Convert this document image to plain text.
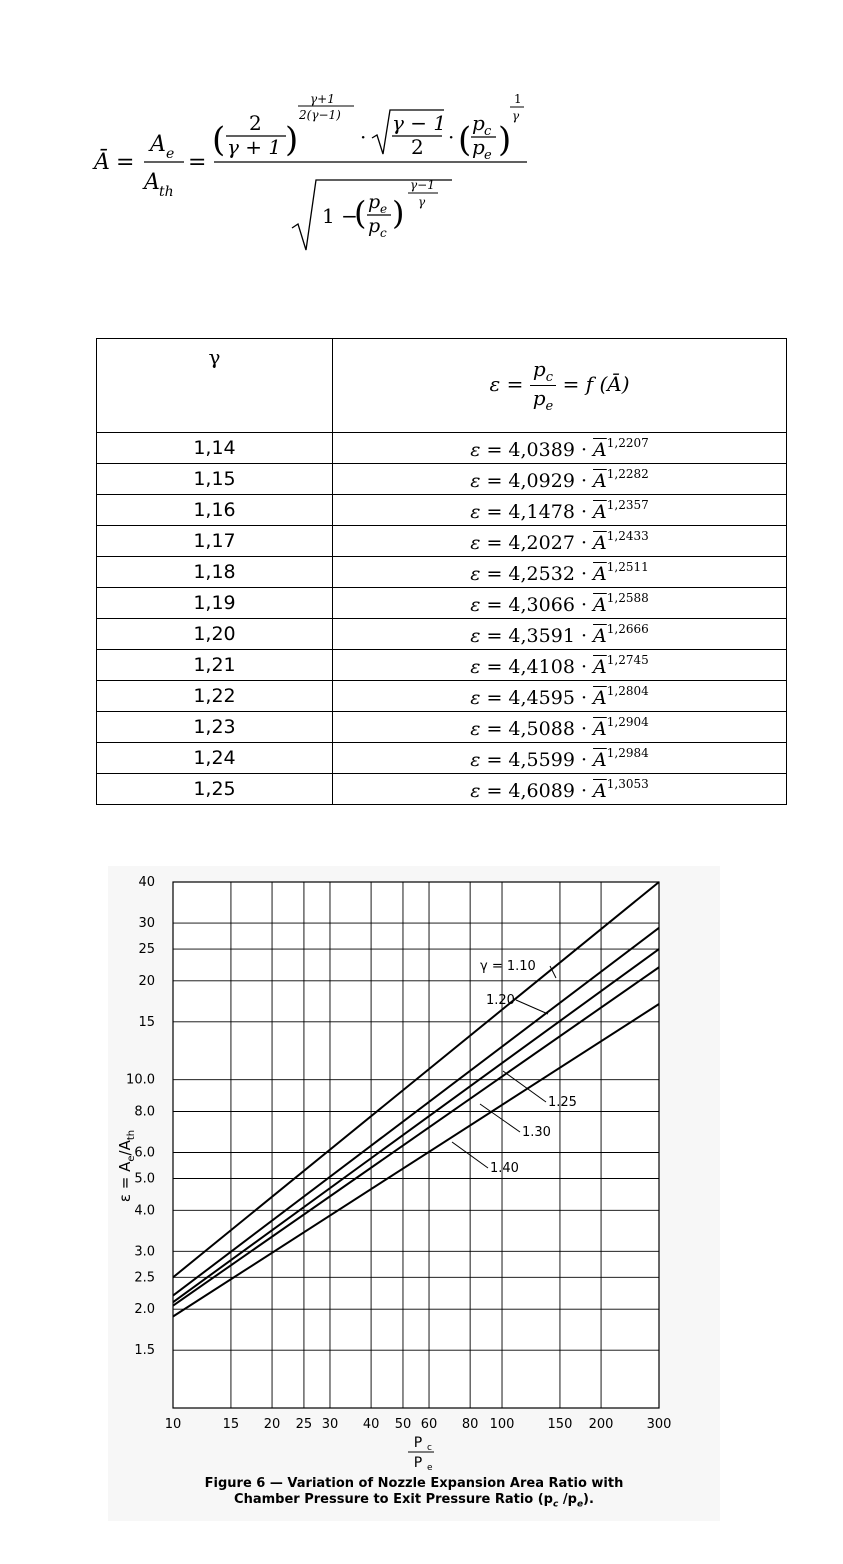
Ā =
A e
A th
=
( 2
γ + 1 )
γ+1
2(γ−1)
·
γ − 1
2 · ( p c
p e )
1
γ
1 −
( p e
p c
)
γ−1
γ
γ	$\varepsilon = \frac{p_c}{p_e} = f$ (Ā)
1,14	$\varepsilon = 4,0389 \cdot \overline{A}^{1,2207}$
1,15	$\varepsilon = 4,0929 \cdot \overline{A}^{1,2282}$
1,16	$\varepsilon = 4,1478 \cdot \overline{A}^{1,2357}$
1,17	$\varepsilon = 4,2027 \cdot \overline{A}^{1,2433}$
1,18	$\varepsilon = 4,2532 \cdot \overline{A}^{1,2511}$
1,19	$\varepsilon = 4,3066 \cdot \overline{A}^{1,2588}$
1,20	$\varepsilon = 4,3591 \cdot \overline{A}^{1,2666}$
1,21	$\varepsilon = 4,4108 \cdot \overline{A}^{1,2745}$
1,22	$\varepsilon = 4,4595 \cdot \overline{A}^{1,2804}$
1,23	$\varepsilon = 4,5088 \cdot \overline{A}^{1,2904}$
1,24	$\varepsilon = 4,5599 \cdot \overline{A}^{1,2984}$
1,25	$\varepsilon = 4,6089 \cdot \overline{A}^{1,3053}$
10	15 20 25 30 40 50 60 80 100	150 200	300
1.5
2.0
2.5
3.0
4.0
5.0
6.0
8.0
10.0
15
20
25
30
40
γ = 1.10
1.20
1.25
1.30
1.40
P c
P e
$\varepsilon = A_e/A_{th}$
Figure 6 — Variation of Nozzle Expansion Area Ratio with
Chamber Pressure to Exit Pressure Ratio ($p_c$ $/p_e$).
